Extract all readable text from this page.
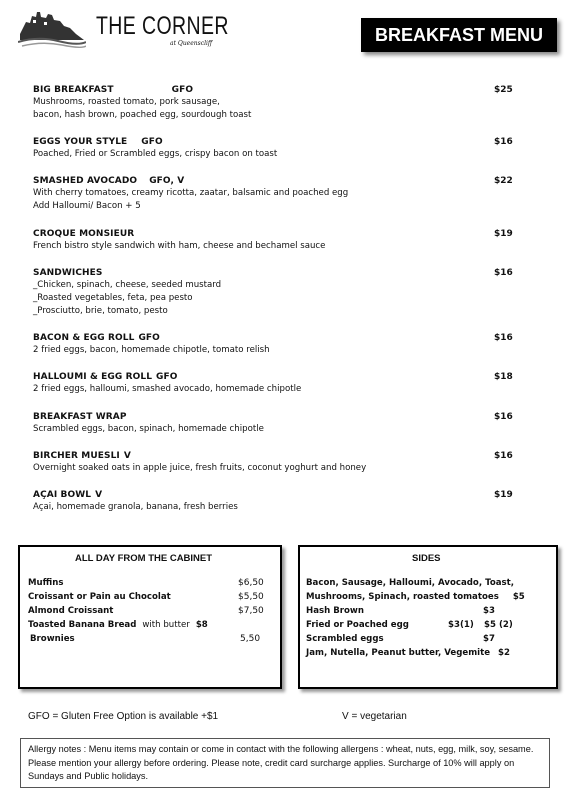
THE CORNER
at Queenscliff	BREAKFAST MENU
BIG BREAKFAST	GFO	$25
Mushrooms, roasted tomato, pork sausage,
bacon, hash brown, poached egg, sourdough toast
EGGS YOUR STYLE GFO	$16
Poached, Fried or Scrambled eggs, crispy bacon on toast
SMASHED AVOCADO GFO, V	$22
With cherry tomatoes, creamy ricotta, zaatar, balsamic and poached egg
Add Halloumi/ Bacon + 5
CROQUE MONSIEUR	$19
French bistro style sandwich with ham, cheese and bechamel sauce
SANDWICHES	$16
_Chicken, spinach, cheese, seeded mustard
_Roasted vegetables, feta, pea pesto
_Prosciutto, brie, tomato, pesto
BACON & EGG ROLL GFO	$16
2 fried eggs, bacon, homemade chipotle, tomato relish
HALLOUMI & EGG ROLL GFO	$18
2 fried eggs, halloumi, smashed avocado, homemade chipotle
BREAKFAST WRAP	$16
Scrambled eggs, bacon, spinach, homemade chipotle
BIRCHER MUESLI V	$16
Overnight soaked oats in apple juice, fresh fruits, coconut yoghurt and honey
AÇAI BOWL V	$19
Açai, homemade granola, banana, fresh berries
ALL DAY FROM THE CABINET
Muffins	$6,50
Croissant or Pain au Chocolat	$5,50
Almond Croissant	$7,50
Toasted Banana Bread with butter $8
Brownies	5,50
SIDES
Bacon, Sausage, Halloumi, Avocado, Toast,
Mushrooms, Spinach, roasted tomatoes $5
Hash Brown	$3
Fried or Poached egg	$3(1) $5 (2)
Scrambled eggs	$7
Jam, Nutella, Peanut butter, Vegemite $2
GFO = Gluten Free Option is available +$1	V = vegetarian
Allergy notes : Menu items may contain or come in contact with the following allergens : wheat, nuts, egg, milk, soy, sesame. Please mention your allergy before ordering. Please note, credit card surcharge applies. Surcharge of 10% will apply on Sundays and Public holidays.
